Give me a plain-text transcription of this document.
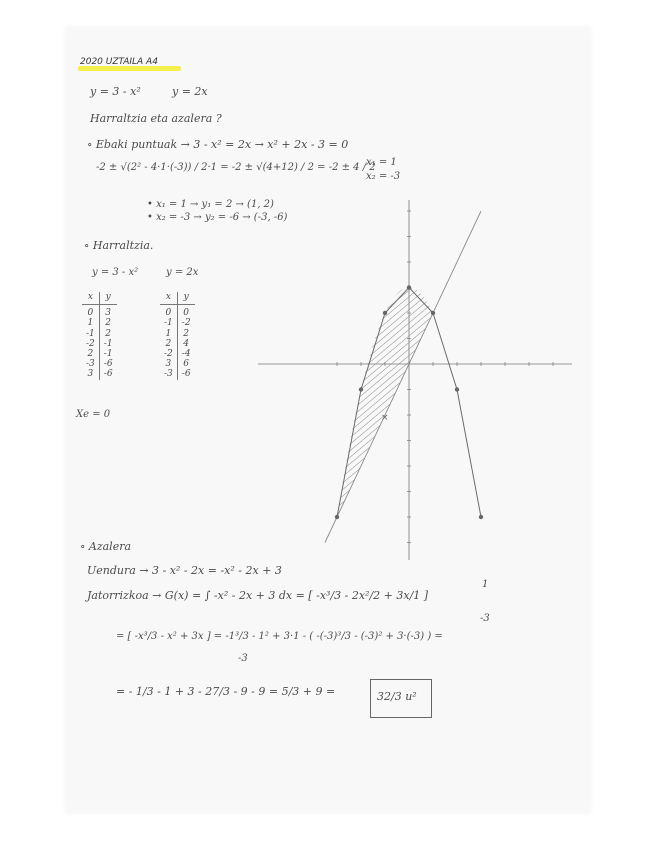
2020 UZTAILA A4
y = 3 - x²	y = 2x
Harraltzia eta azalera ?
∘ Ebaki puntuak → 3 - x² = 2x → x² + 2x - 3 = 0
-2 ± √(2² - 4·1·(-3)) / 2·1 = -2 ± √(4+12) / 2 = -2 ± 4 / 2
x₁ = 1
x₂ = -3
• x₁ = 1 → y₁ = 2 → (1, 2)
• x₂ = -3 → y₂ = -6 → (-3, -6)
∘ Harraltzia.
y = 3 - x²	y = 2x
x	y
0	3
1	2
-1	2
-2	-1
2	-1
-3	-6
3	-6
x	y
0	0
-1	-2
1	2
2	4
-2	-4
3	6
-3	-6
Xe = 0	×
∘ Azalera
Uendura → 3 - x² - 2x = -x² - 2x + 3
Jatorrizkoa → G(x) = ∫ -x² - 2x + 3 dx = [ -x³/3 - 2x²/2 + 3x/1 ]
1
-3
= [ -x³/3 - x² + 3x ] = -1³/3 - 1² + 3·1 - ( -(-3)³/3 - (-3)² + 3·(-3) ) =
-3
= - 1/3 - 1 + 3 - 27/3 - 9 - 9 = 5/3 + 9 =	32/3 u²
